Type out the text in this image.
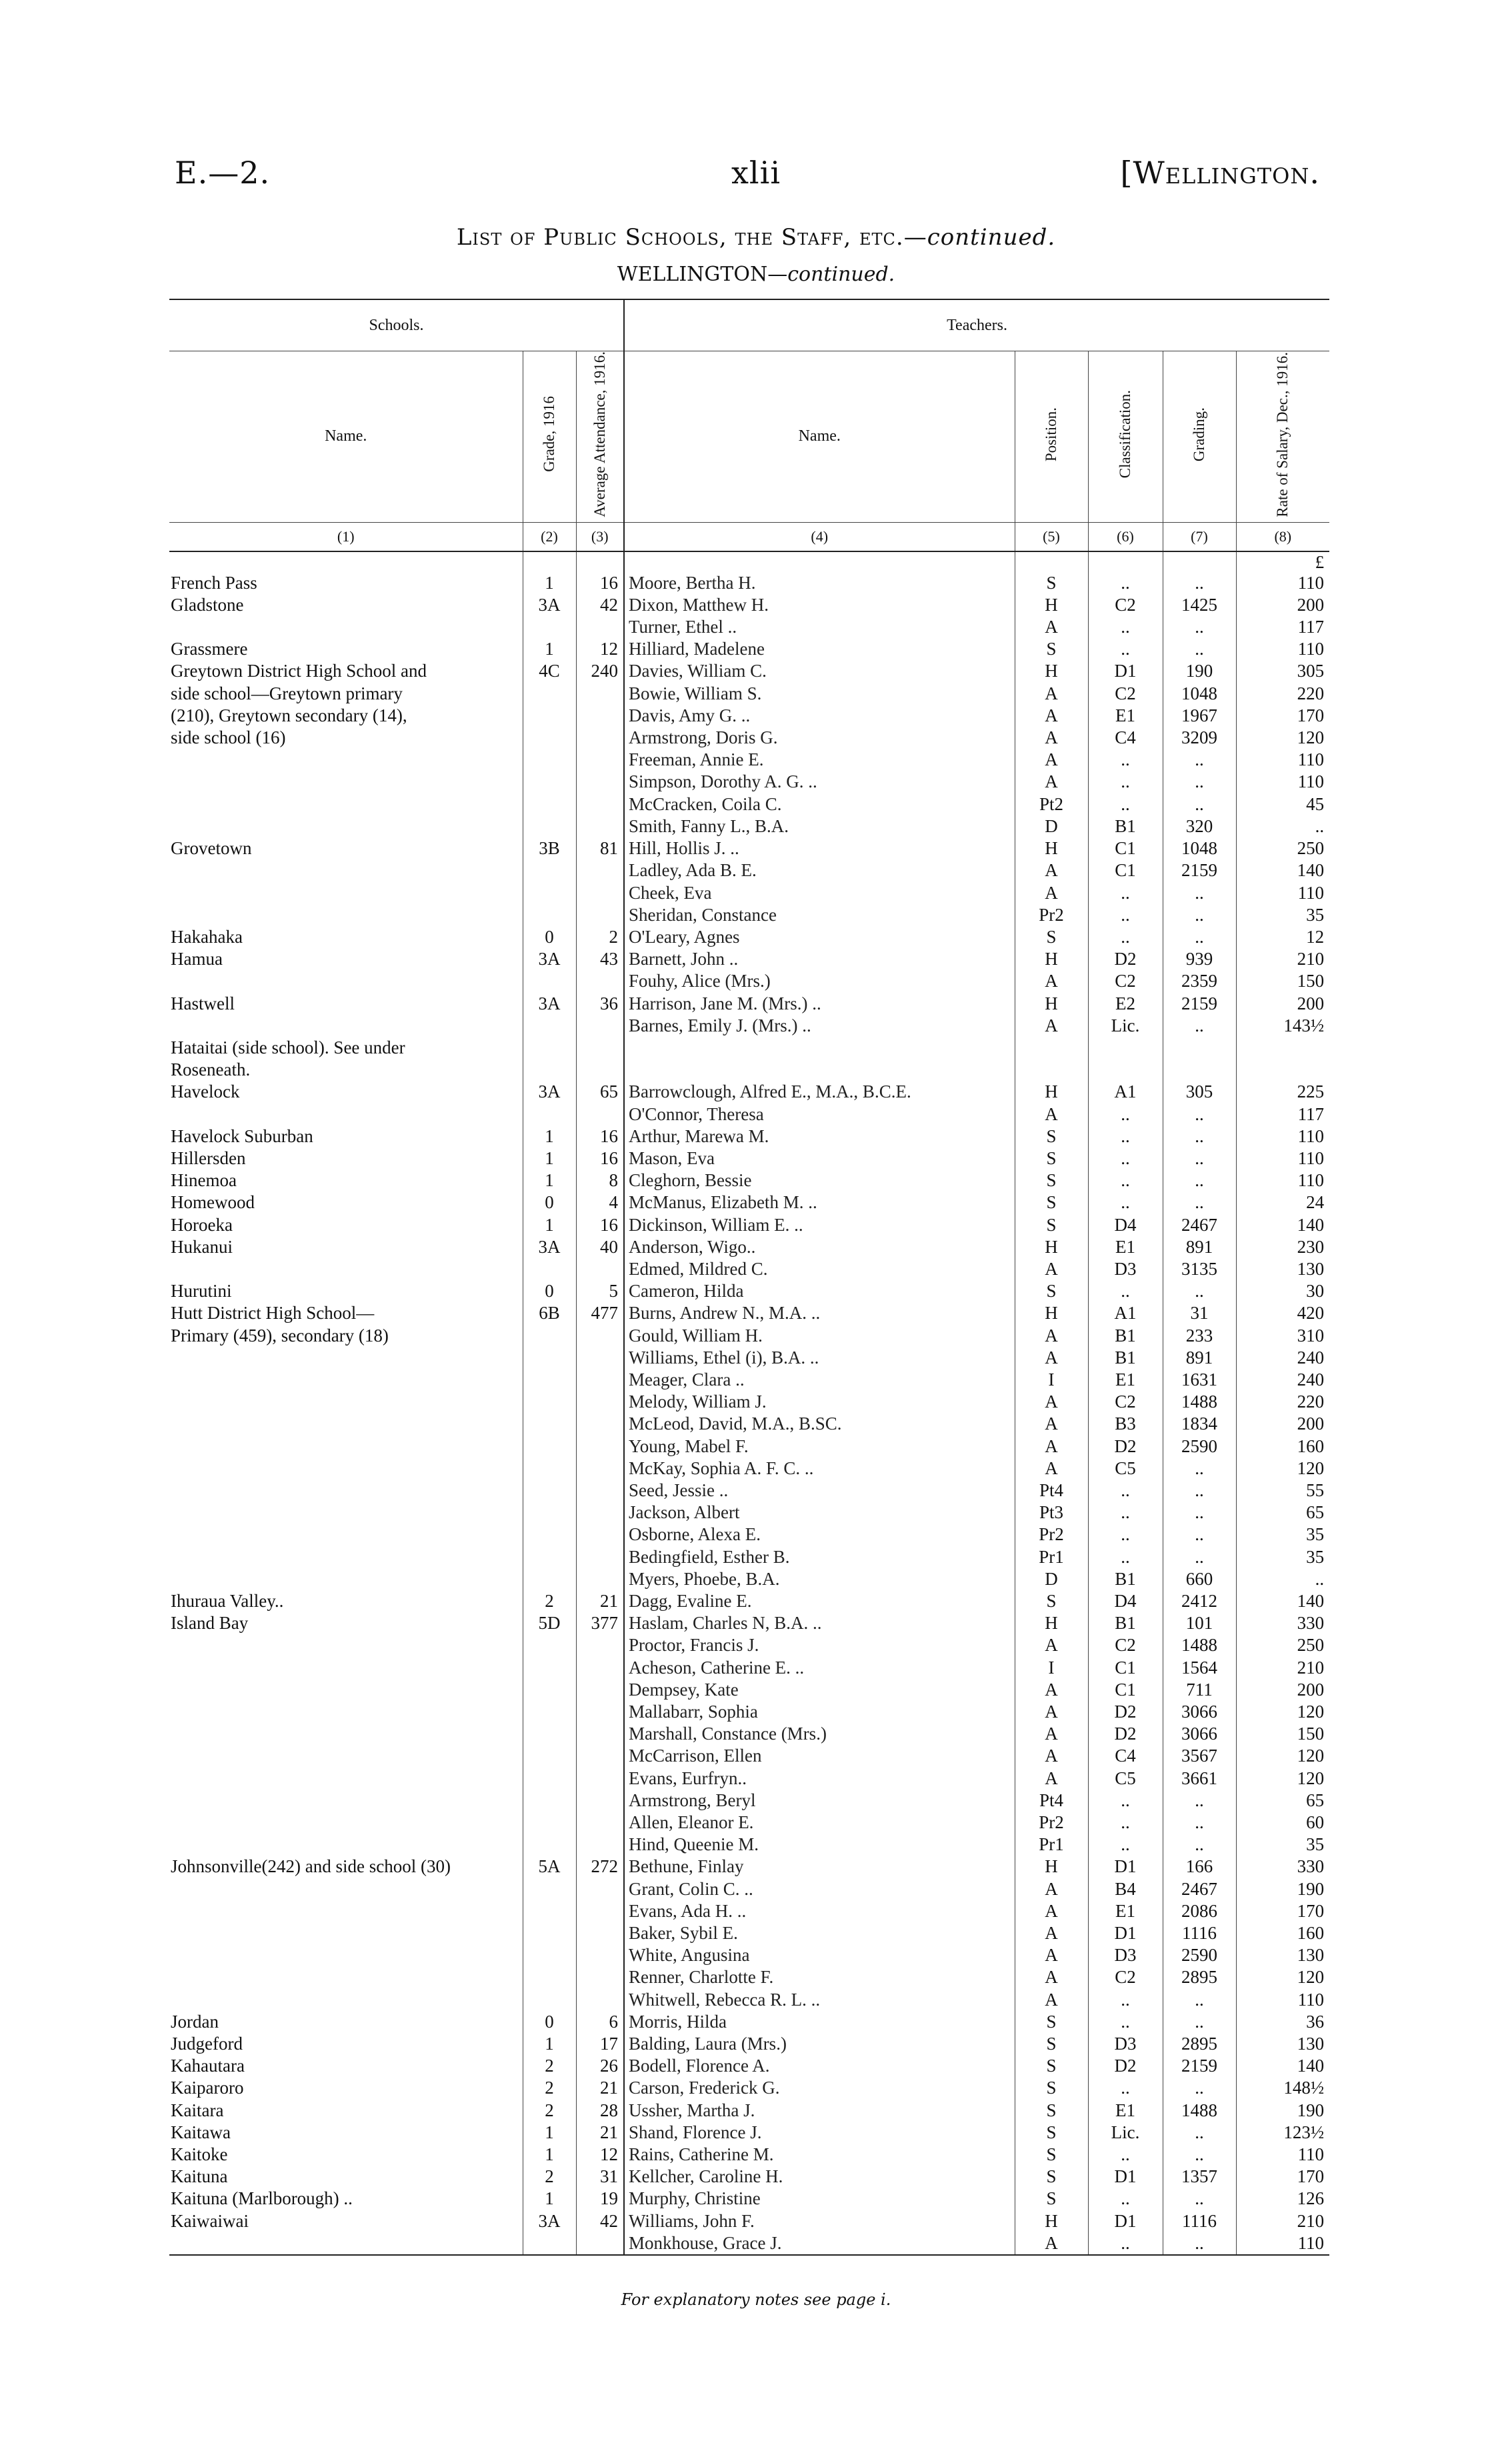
E.—2.	xlii	[Wellington.
List of Public Schools, the Staff, etc.—continued.
WELLINGTON—continued.
Schools.			Teachers.				
Name.	Grade, 1916	Average Attendance, 1916.	Name.	Position.	Classification.	Grading.	Rate of Salary, Dec., 1916.
(1)	(2)	(3)	(4)	(5)	(6)	(7)	(8)
							£
French Pass	1	16	Moore, Bertha H.	S	..	..	110
Gladstone	3A	42	Dixon, Matthew H.	H	C2	1425	200
			Turner, Ethel ..	A	..	..	117
Grassmere	1	12	Hilliard, Madelene	S	..	..	110
Greytown District High School and	4C	240	Davies, William C.	H	D1	190	305
side school—Greytown primary			Bowie, William S.	A	C2	1048	220
(210), Greytown secondary (14),			Davis, Amy G. ..	A	E1	1967	170
side school (16)			Armstrong, Doris G.	A	C4	3209	120
			Freeman, Annie E.	A	..	..	110
			Simpson, Dorothy A. G. ..	A	..	..	110
			McCracken, Coila C.	Pt2	..	..	45
			Smith, Fanny L., B.A.	D	B1	320	..
Grovetown	3B	81	Hill, Hollis J. ..	H	C1	1048	250
			Ladley, Ada B. E.	A	C1	2159	140
			Cheek, Eva	A	..	..	110
			Sheridan, Constance	Pr2	..	..	35
Hakahaka	0	2	O'Leary, Agnes	S	..	..	12
Hamua	3A	43	Barnett, John ..	H	D2	939	210
			Fouhy, Alice (Mrs.)	A	C2	2359	150
Hastwell	3A	36	Harrison, Jane M. (Mrs.) ..	H	E2	2159	200
			Barnes, Emily J. (Mrs.) ..	A	Lic.	..	143½
Hataitai (side school). See under							
Roseneath.							
Havelock	3A	65	Barrowclough, Alfred E., M.A., B.C.E.	H	A1	305	225
			O'Connor, Theresa	A	..	..	117
Havelock Suburban	1	16	Arthur, Marewa M.	S	..	..	110
Hillersden	1	16	Mason, Eva	S	..	..	110
Hinemoa	1	8	Cleghorn, Bessie	S	..	..	110
Homewood	0	4	McManus, Elizabeth M. ..	S	..	..	24
Horoeka	1	16	Dickinson, William E. ..	S	D4	2467	140
Hukanui	3A	40	Anderson, Wigo..	H	E1	891	230
			Edmed, Mildred C.	A	D3	3135	130
Hurutini	0	5	Cameron, Hilda	S	..	..	30
Hutt District High School—	6B	477	Burns, Andrew N., M.A. ..	H	A1	31	420
Primary (459), secondary (18)			Gould, William H.	A	B1	233	310
			Williams, Ethel (i), B.A. ..	A	B1	891	240
			Meager, Clara ..	I	E1	1631	240
			Melody, William J.	A	C2	1488	220
			McLeod, David, M.A., B.SC.	A	B3	1834	200
			Young, Mabel F.	A	D2	2590	160
			McKay, Sophia A. F. C. ..	A	C5	..	120
			Seed, Jessie ..	Pt4	..	..	55
			Jackson, Albert	Pt3	..	..	65
			Osborne, Alexa E.	Pr2	..	..	35
			Bedingfield, Esther B.	Pr1	..	..	35
			Myers, Phoebe, B.A.	D	B1	660	..
Ihuraua Valley..	2	21	Dagg, Evaline E.	S	D4	2412	140
Island Bay	5D	377	Haslam, Charles N, B.A. ..	H	B1	101	330
			Proctor, Francis J.	A	C2	1488	250
			Acheson, Catherine E. ..	I	C1	1564	210
			Dempsey, Kate	A	C1	711	200
			Mallabarr, Sophia	A	D2	3066	120
			Marshall, Constance (Mrs.)	A	D2	3066	150
			McCarrison, Ellen	A	C4	3567	120
			Evans, Eurfryn..	A	C5	3661	120
			Armstrong, Beryl	Pt4	..	..	65
			Allen, Eleanor E.	Pr2	..	..	60
			Hind, Queenie M.	Pr1	..	..	35
Johnsonville(242) and side school (30)	5A	272	Bethune, Finlay	H	D1	166	330
			Grant, Colin C. ..	A	B4	2467	190
			Evans, Ada H. ..	A	E1	2086	170
			Baker, Sybil E.	A	D1	1116	160
			White, Angusina	A	D3	2590	130
			Renner, Charlotte F.	A	C2	2895	120
			Whitwell, Rebecca R. L. ..	A	..	..	110
Jordan	0	6	Morris, Hilda	S	..	..	36
Judgeford	1	17	Balding, Laura (Mrs.)	S	D3	2895	130
Kahautara	2	26	Bodell, Florence A.	S	D2	2159	140
Kaiparoro	2	21	Carson, Frederick G.	S	..	..	148½
Kaitara	2	28	Ussher, Martha J.	S	E1	1488	190
Kaitawa	1	21	Shand, Florence J.	S	Lic.	..	123½
Kaitoke	1	12	Rains, Catherine M.	S	..	..	110
Kaituna	2	31	Kellcher, Caroline H.	S	D1	1357	170
Kaituna (Marlborough) ..	1	19	Murphy, Christine	S	..	..	126
Kaiwaiwai	3A	42	Williams, John F.	H	D1	1116	210
			Monkhouse, Grace J.	A	..	..	110
For explanatory notes see page i.
